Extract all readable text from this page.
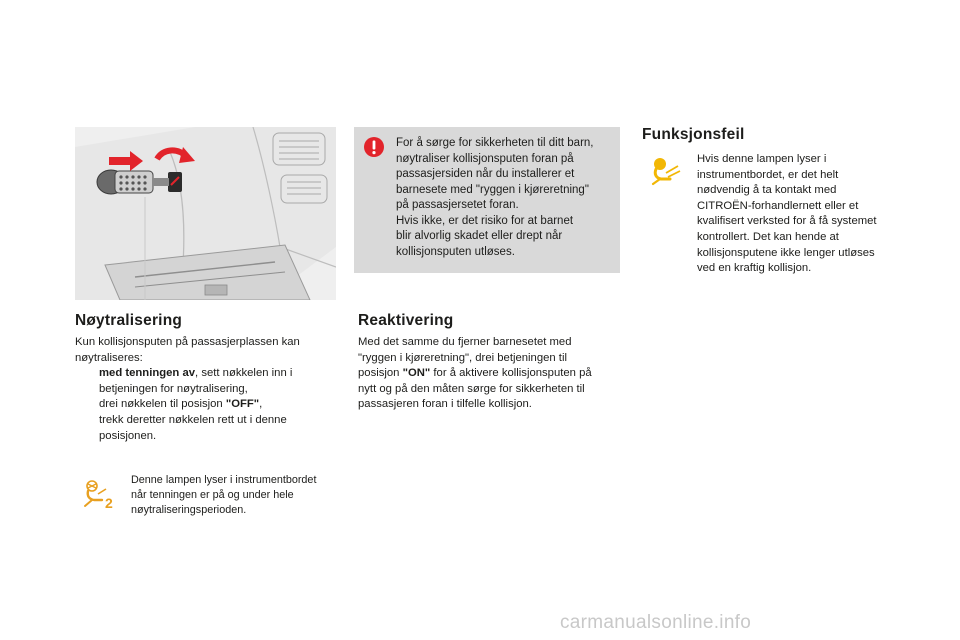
For å sørge for sikkerheten til ditt barn,
nøytraliser kollisjonsputen foran på
passasjersiden når du installerer et
barnesete med "ryggen i kjøreretning"
på passasjersetet foran.
Hvis ikke, er det risiko for at barnet
blir alvorlig skadet eller drept når
kollisjonsputen utløses.
Funksjonsfeil
Hvis denne lampen lyser i
instrumentbordet, er det helt
nødvendig å ta kontakt med
CITROËN-forhandlernett eller et
kvalifisert verksted for å få systemet
kontrollert. Det kan hende at
kollisjonsputene ikke lenger utløses
ved en kraftig kollisjon.
Nøytralisering
Kun kollisjonsputen på passasjerplassen kan
nøytraliseres:
med tenningen av, sett nøkkelen inn i
betjeningen for nøytralisering,
drei nøkkelen til posisjon "OFF",
trekk deretter nøkkelen rett ut i denne
posisjonen.
2
Denne lampen lyser i instrumentbordet
når tenningen er på og under hele
nøytraliseringsperioden.
Reaktivering
Med det samme du fjerner barnesetet med
"ryggen i kjøreretning", drei betjeningen til
posisjon "ON" for å aktivere kollisjonsputen på
nytt og på den måten sørge for sikkerheten til
passasjeren foran i tilfelle kollisjon.
carmanualsonline.info
